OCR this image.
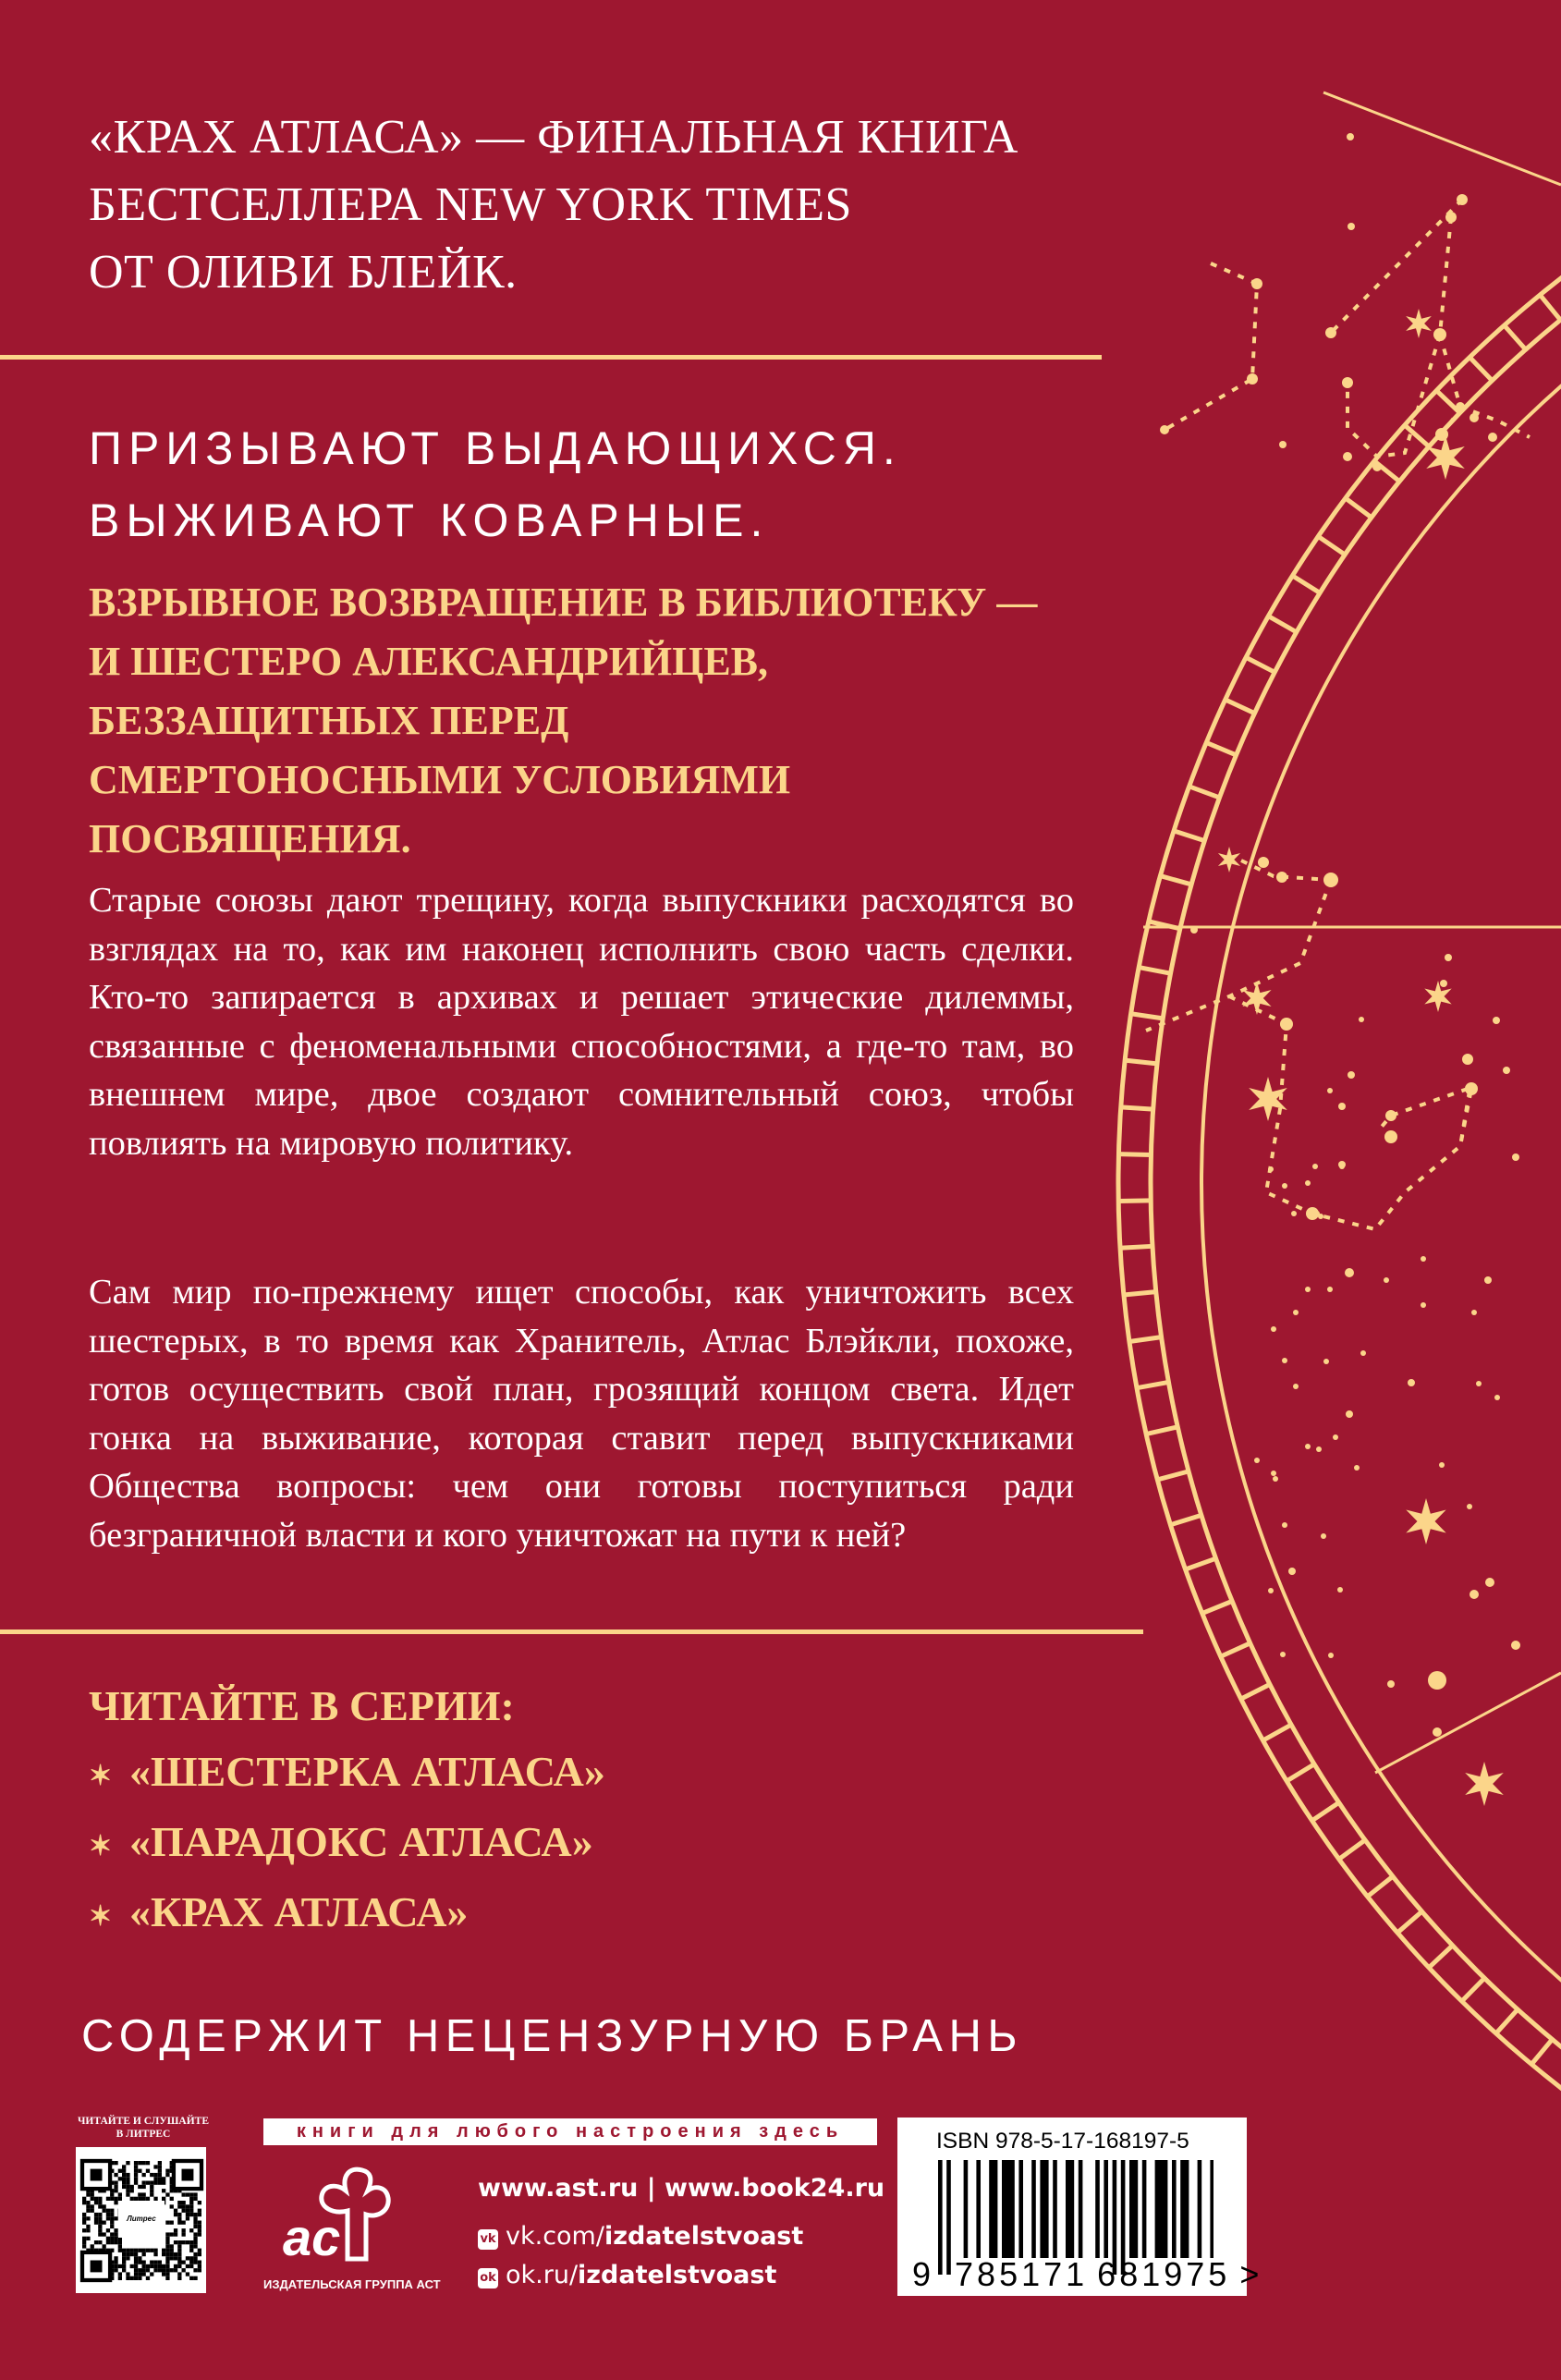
«КРАХ АТЛАСА» — ФИНАЛЬНАЯ КНИГА
БЕСТСЕЛЛЕРА NEW YORK TIMES
ОТ ОЛИВИ БЛЕЙК.
ПРИЗЫВАЮТ ВЫДАЮЩИХСЯ.
ВЫЖИВАЮТ КОВАРНЫЕ.
ВЗРЫВНОЕ ВОЗВРАЩЕНИЕ В БИБЛИОТЕКУ —
И ШЕСТЕРО АЛЕКСАНДРИЙЦЕВ,
БЕЗЗАЩИТНЫХ ПЕРЕД
СМЕРТОНОСНЫМИ УСЛОВИЯМИ
ПОСВЯЩЕНИЯ.

Старые союзы дают трещину, когда выпускники расходятся во взглядах на то, как им наконец исполнить свою часть сделки. Кто-то запирается в архивах и решает этические дилеммы, связанные с феноменальными способностями, а где-то там, во внешнем мире, двое создают сомнительный союз, чтобы повлиять на мировую политику.

Сам мир по-прежнему ищет способы, как уничтожить всех шестерых, в то время как Хранитель, Атлас Блэйкли, похоже, готов осуществить свой план, грозящий концом света. Идет гонка на выживание, которая ставит перед выпускниками Общества вопросы: чем они готовы поступиться ради безграничной власти и кого уничтожат на пути к ней?

ЧИТАЙТЕ В СЕРИИ:
✶ «ШЕСТЕРКА АТЛАСА»
✶ «ПАРАДОКС АТЛАСА»
✶ «КРАХ АТЛАСА»
СОДЕРЖИТ НЕЦЕНЗУРНУЮ БРАНЬ
ЧИТАЙТЕ И СЛУШАЙТЕ
В ЛИТРЕС
Литрес
книги для любого настроения здесь
ac
ИЗДАТЕЛЬСКАЯ ГРУППА АСТ
www.ast.ru | www.book24.ru
vk vk.com/izdatelstvoast
ok ok.ru/izdatelstvoast
ISBN 978-5-17-168197-5
9 785171 681975 >
